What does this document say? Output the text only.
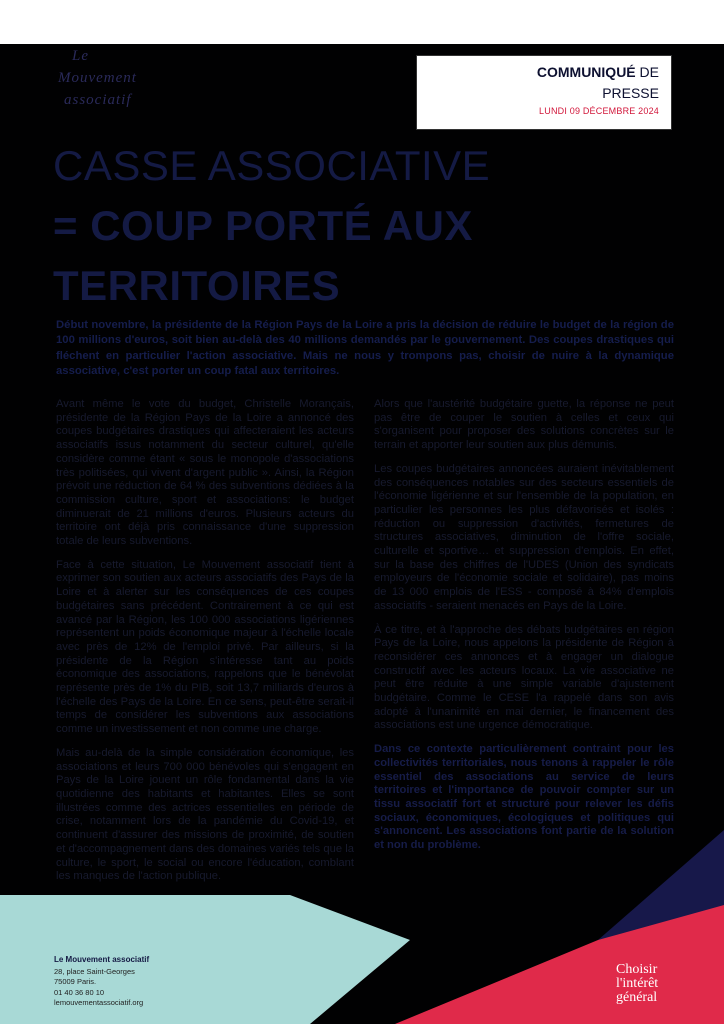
Le
Mouvement
associatif
COMMUNIQUÉ DE
PRESSE
LUNDI 09 DÉCEMBRE 2024
CASSE ASSOCIATIVE
= COUP PORTÉ AUX
TERRITOIRES
Début novembre, la présidente de la Région Pays de la Loire a pris la décision de réduire le budget de la région de 100 millions d'euros, soit bien au-delà des 40 millions demandés par le gouvernement. Des coupes drastiques qui fléchent en particulier l'action associative. Mais ne nous y trompons pas, choisir de nuire à la dynamique associative, c'est porter un coup fatal aux territoires.

Avant même le vote du budget, Christelle Morançais, présidente de la Région Pays de la Loire a annoncé des coupes budgétaires drastiques qui affecteraient les acteurs associatifs issus notamment du secteur culturel, qu'elle considère comme étant « sous le monopole d'associations très politisées, qui vivent d'argent public ». Ainsi, la Région prévoit une réduction de 64 % des subventions dédiées à la commission culture, sport et associations: le budget diminuerait de 21 millions d'euros. Plusieurs acteurs du territoire ont déjà pris connaissance d'une suppression totale de leurs subventions.

Face à cette situation, Le Mouvement associatif tient à exprimer son soutien aux acteurs associatifs des Pays de la Loire et à alerter sur les conséquences de ces coupes budgétaires sans précédent. Contrairement à ce qui est avancé par la Région, les 100 000 associations ligériennes représentent un poids économique majeur à l'échelle locale avec près de 12% de l'emploi privé. Par ailleurs, si la présidente de la Région s'intéresse tant au poids économique des associations, rappelons que le bénévolat représente près de 1% du PIB, soit 13,7 milliards d'euros à l'échelle des Pays de la Loire. En ce sens, peut-être serait-il temps de considérer les subventions aux associations comme un investissement et non comme une charge.

Mais au-delà de la simple considération économique, les associations et leurs 700 000 bénévoles qui s'engagent en Pays de la Loire jouent un rôle fondamental dans la vie quotidienne des habitants et habitantes. Elles se sont illustrées comme des actrices essentielles en période de crise, notamment lors de la pandémie du Covid-19, et continuent d'assurer des missions de proximité, de soutien et d'accompagnement dans des domaines variés tels que la culture, le sport, le social ou encore l'éducation, comblant les manques de l'action publique.

Alors que l'austérité budgétaire guette, la réponse ne peut pas être de couper le soutien à celles et ceux qui s'organisent pour proposer des solutions concrètes sur le terrain et apporter leur soutien aux plus démunis.

Les coupes budgétaires annoncées auraient inévitablement des conséquences notables sur des secteurs essentiels de l'économie ligérienne et sur l'ensemble de la population, en particulier les personnes les plus défavorisés et isolés : réduction ou suppression d'activités, fermetures de structures associatives, diminution de l'offre sociale, culturelle et sportive… et suppression d'emplois. En effet, sur la base des chiffres de l'UDES (Union des syndicats employeurs de l'économie sociale et solidaire), pas moins de 13 000 emplois de l'ESS - composé à 84% d'emplois associatifs - seraient menacés en Pays de la Loire.

À ce titre, et à l'approche des débats budgétaires en région Pays de la Loire, nous appelons la présidente de Région à reconsidérer ces annonces et à engager un dialogue constructif avec les acteurs locaux. La vie associative ne peut être réduite à une simple variable d'ajustement budgétaire. Comme le CESE l'a rappelé dans son avis adopté à l'unanimité en mai dernier, le financement des associations est une urgence démocratique.

Dans ce contexte particulièrement contraint pour les collectivités territoriales, nous tenons à rappeler le rôle essentiel des associations au service de leurs territoires et l'importance de pouvoir compter sur un tissu associatif fort et structuré pour relever les défis sociaux, économiques, écologiques et politiques qui s'annoncent. Les associations font partie de la solution et non du problème.

Le Mouvement associatif
28, place Saint-Georges
75009 Paris.
01 40 36 80 10
lemouvementassociatif.org
Choisir
l'intérêt
général
